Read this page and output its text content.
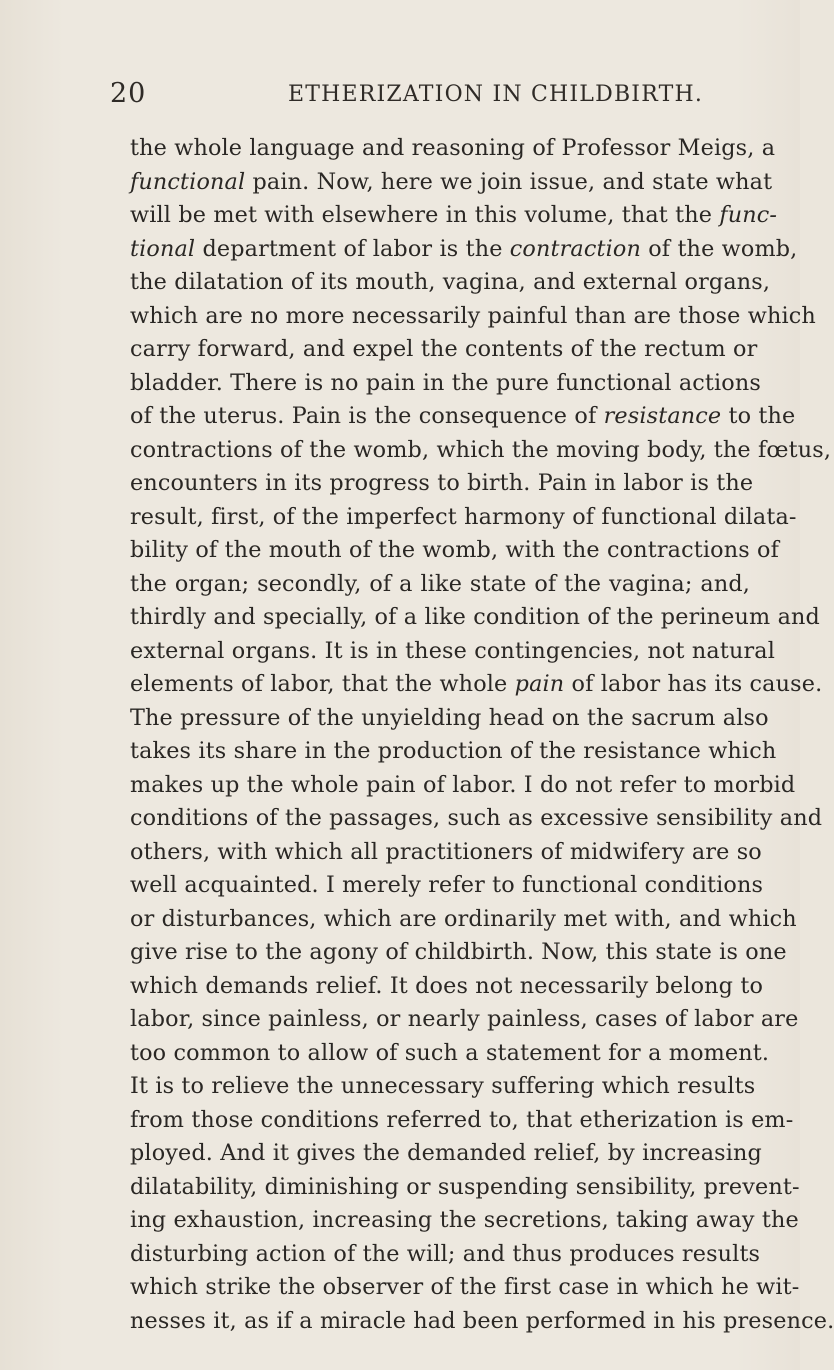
20	ETHERIZATION IN CHILDBIRTH.
the whole language and reasoning of Professor Meigs, a
functional pain. Now, here we join issue, and state what
will be met with elsewhere in this volume, that the func-
tional department of labor is the contraction of the womb,
the dilatation of its mouth, vagina, and external organs,
which are no more necessarily painful than are those which
carry forward, and expel the contents of the rectum or
bladder. There is no pain in the pure functional actions
of the uterus. Pain is the consequence of resistance to the
contractions of the womb, which the moving body, the fœtus,
encounters in its progress to birth. Pain in labor is the
result, first, of the imperfect harmony of functional dilata-
bility of the mouth of the womb, with the contractions of
the organ; secondly, of a like state of the vagina; and,
thirdly and specially, of a like condition of the perineum and
external organs. It is in these contingencies, not natural
elements of labor, that the whole pain of labor has its cause.
The pressure of the unyielding head on the sacrum also
takes its share in the production of the resistance which
makes up the whole pain of labor. I do not refer to morbid
conditions of the passages, such as excessive sensibility and
others, with which all practitioners of midwifery are so
well acquainted. I merely refer to functional conditions
or disturbances, which are ordinarily met with, and which
give rise to the agony of childbirth. Now, this state is one
which demands relief. It does not necessarily belong to
labor, since painless, or nearly painless, cases of labor are
too common to allow of such a statement for a moment.
It is to relieve the unnecessary suffering which results
from those conditions referred to, that etherization is em-
ployed. And it gives the demanded relief, by increasing
dilatability, diminishing or suspending sensibility, prevent-
ing exhaustion, increasing the secretions, taking away the
disturbing action of the will; and thus produces results
which strike the observer of the first case in which he wit-
nesses it, as if a miracle had been performed in his presence.
